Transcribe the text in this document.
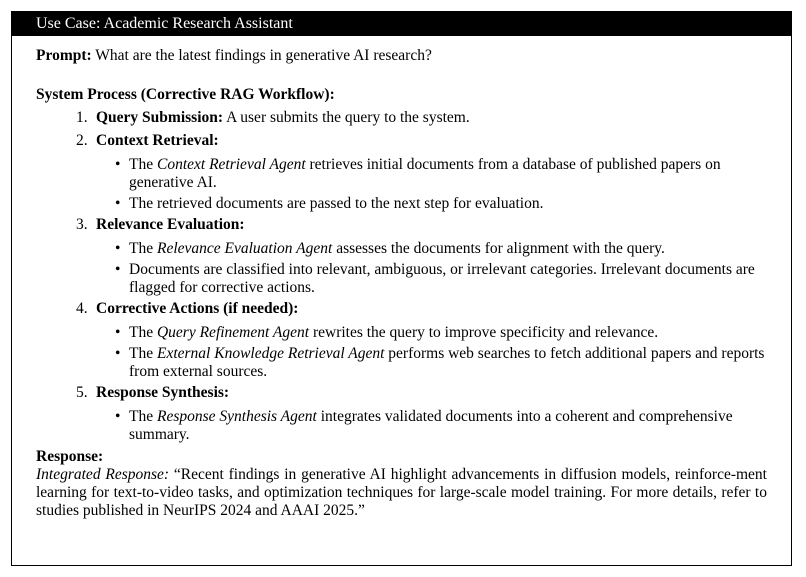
Use Case: Academic Research Assistant

Prompt: What are the latest findings in generative AI research?

System Process (Corrective RAG Workflow):

1. Query Submission: A user submits the query to the system.
2. Context Retrieval:
• The Context Retrieval Agent retrieves initial documents from a database of published papers on generative AI.
• The retrieved documents are passed to the next step for evaluation.
3. Relevance Evaluation:
• The Relevance Evaluation Agent assesses the documents for alignment with the query.
• Documents are classified into relevant, ambiguous, or irrelevant categories. Irrelevant documents are flagged for corrective actions.
4. Corrective Actions (if needed):
• The Query Refinement Agent rewrites the query to improve specificity and relevance.
• The External Knowledge Retrieval Agent performs web searches to fetch additional papers and reports from external sources.
5. Response Synthesis:
• The Response Synthesis Agent integrates validated documents into a coherent and comprehensive summary.

Response:

Integrated Response: “Recent findings in generative AI highlight advancements in diffusion models, reinforce-ment learning for text-to-video tasks, and optimization techniques for large-scale model training. For more details, refer to studies published in NeurIPS 2024 and AAAI 2025.”
